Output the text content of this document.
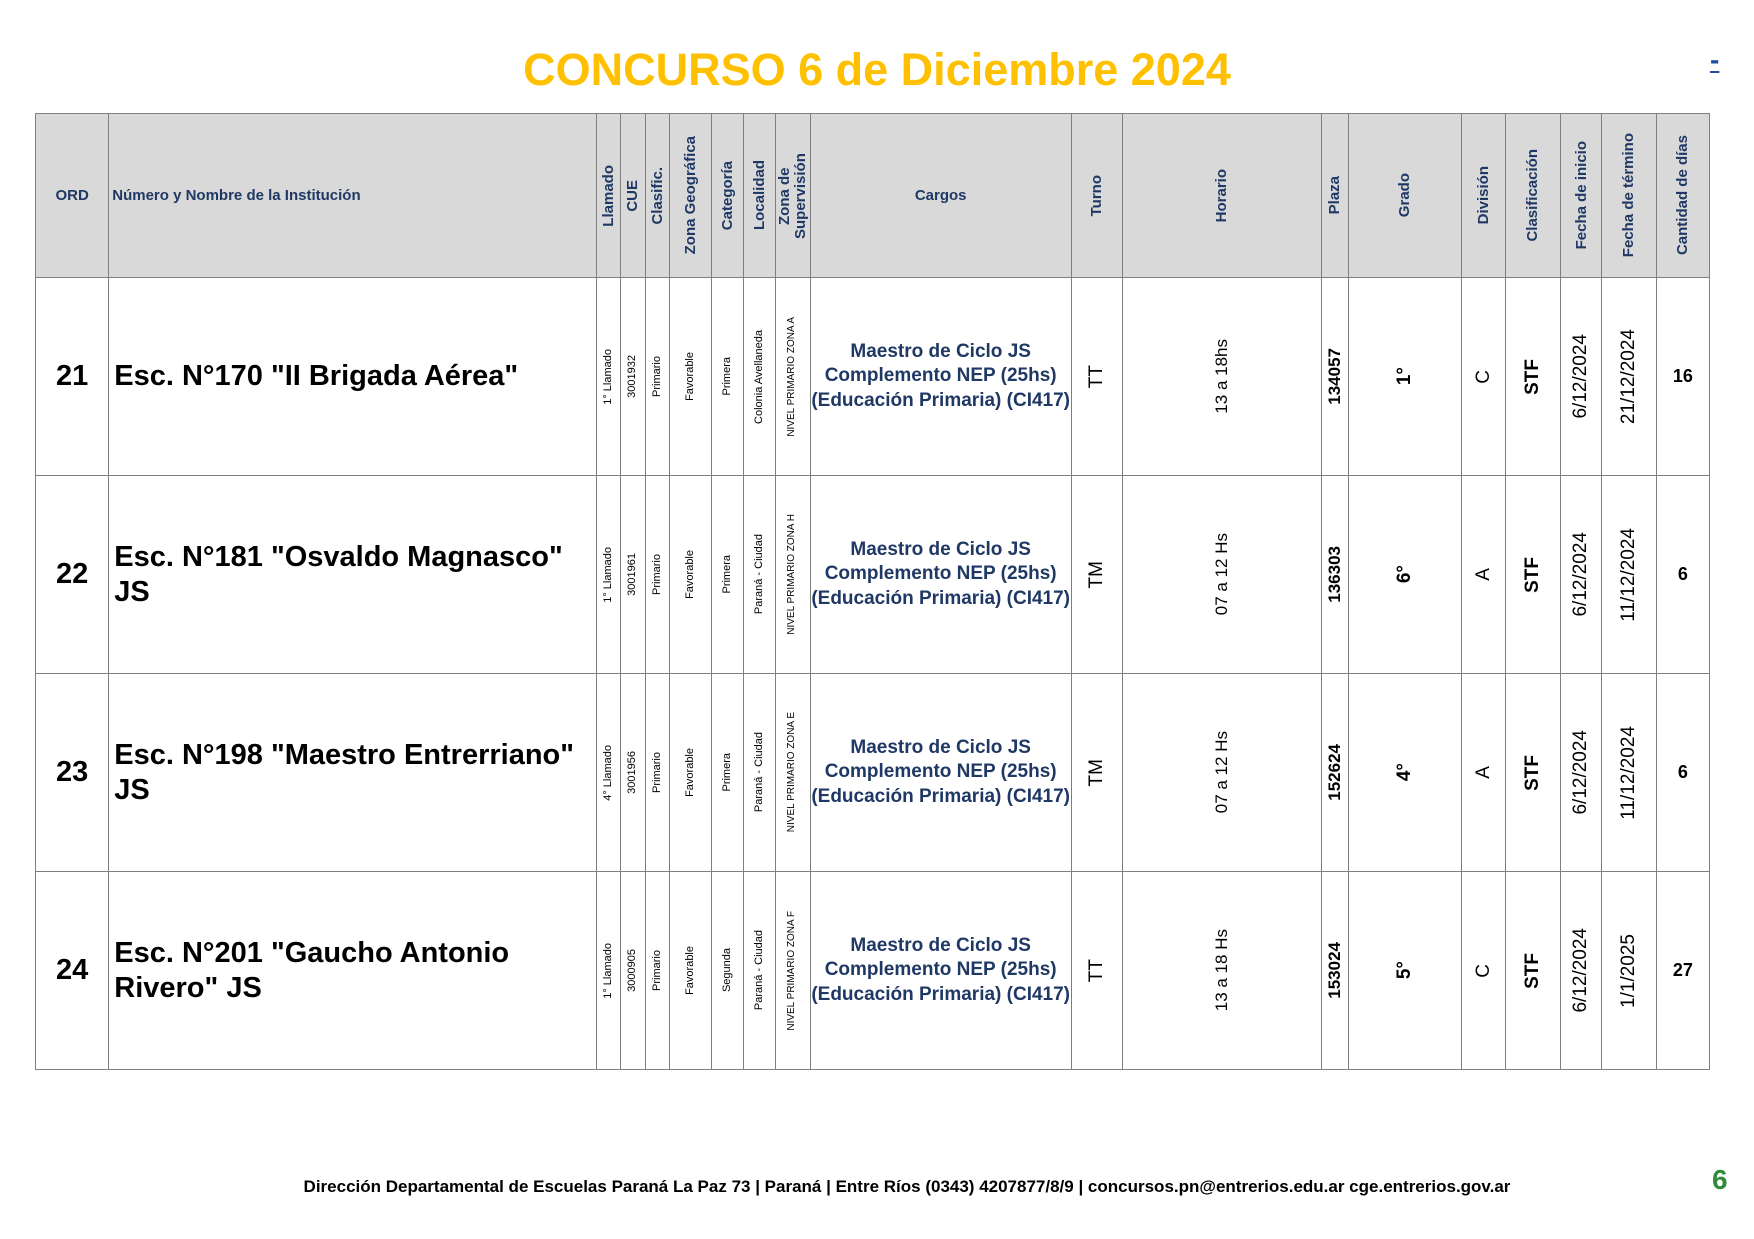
CONCURSO 6 de Diciembre 2024	-
ORD	Número y Nombre de la Institución	Llamado	CUE	Clasific.	Zona Geográfica	Categoría	Localidad	Zona de Supervisión	Cargos	Turno	Horario	Plaza	Grado	División	Clasificación	Fecha de inicio	Fecha de término	Cantidad de días

21	Esc. N°170 "II Brigada Aérea"	1° Llamado	3001932	Primario	Favorable	Primera	Colonia Avellaneda	NIVEL PRIMARIO ZONA A	Maestro de Ciclo JS Complemento NEP (25hs) (Educación Primaria) (CI417)	TT	13 a 18hs	134057	1°	C	STF	6/12/2024	21/12/2024	16
22	Esc. N°181 "Osvaldo Magnasco" JS	1° Llamado	3001961	Primario	Favorable	Primera	Paraná - Ciudad	NIVEL PRIMARIO ZONA H	Maestro de Ciclo JS Complemento NEP (25hs) (Educación Primaria) (CI417)	TM	07 a 12 Hs	136303	6°	A	STF	6/12/2024	11/12/2024	6
23	Esc. N°198 "Maestro Entrerriano" JS	4° Llamado	3001956	Primario	Favorable	Primera	Paraná - Ciudad	NIVEL PRIMARIO ZONA E	Maestro de Ciclo JS Complemento NEP (25hs) (Educación Primaria) (CI417)	TM	07 a 12 Hs	152624	4°	A	STF	6/12/2024	11/12/2024	6
24	Esc. N°201 "Gaucho Antonio Rivero" JS	1° Llamado	3000905	Primario	Favorable	Segunda	Paraná - Ciudad	NIVEL PRIMARIO ZONA F	Maestro de Ciclo JS Complemento NEP (25hs) (Educación Primaria) (CI417)	TT	13 a 18 Hs	153024	5°	C	STF	6/12/2024	1/1/2025	27
Dirección Departamental de Escuelas Paraná La Paz 73 | Paraná | Entre Ríos (0343) 4207877/8/9 | concursos.pn@entrerios.edu.ar cge.entrerios.gov.ar	6
